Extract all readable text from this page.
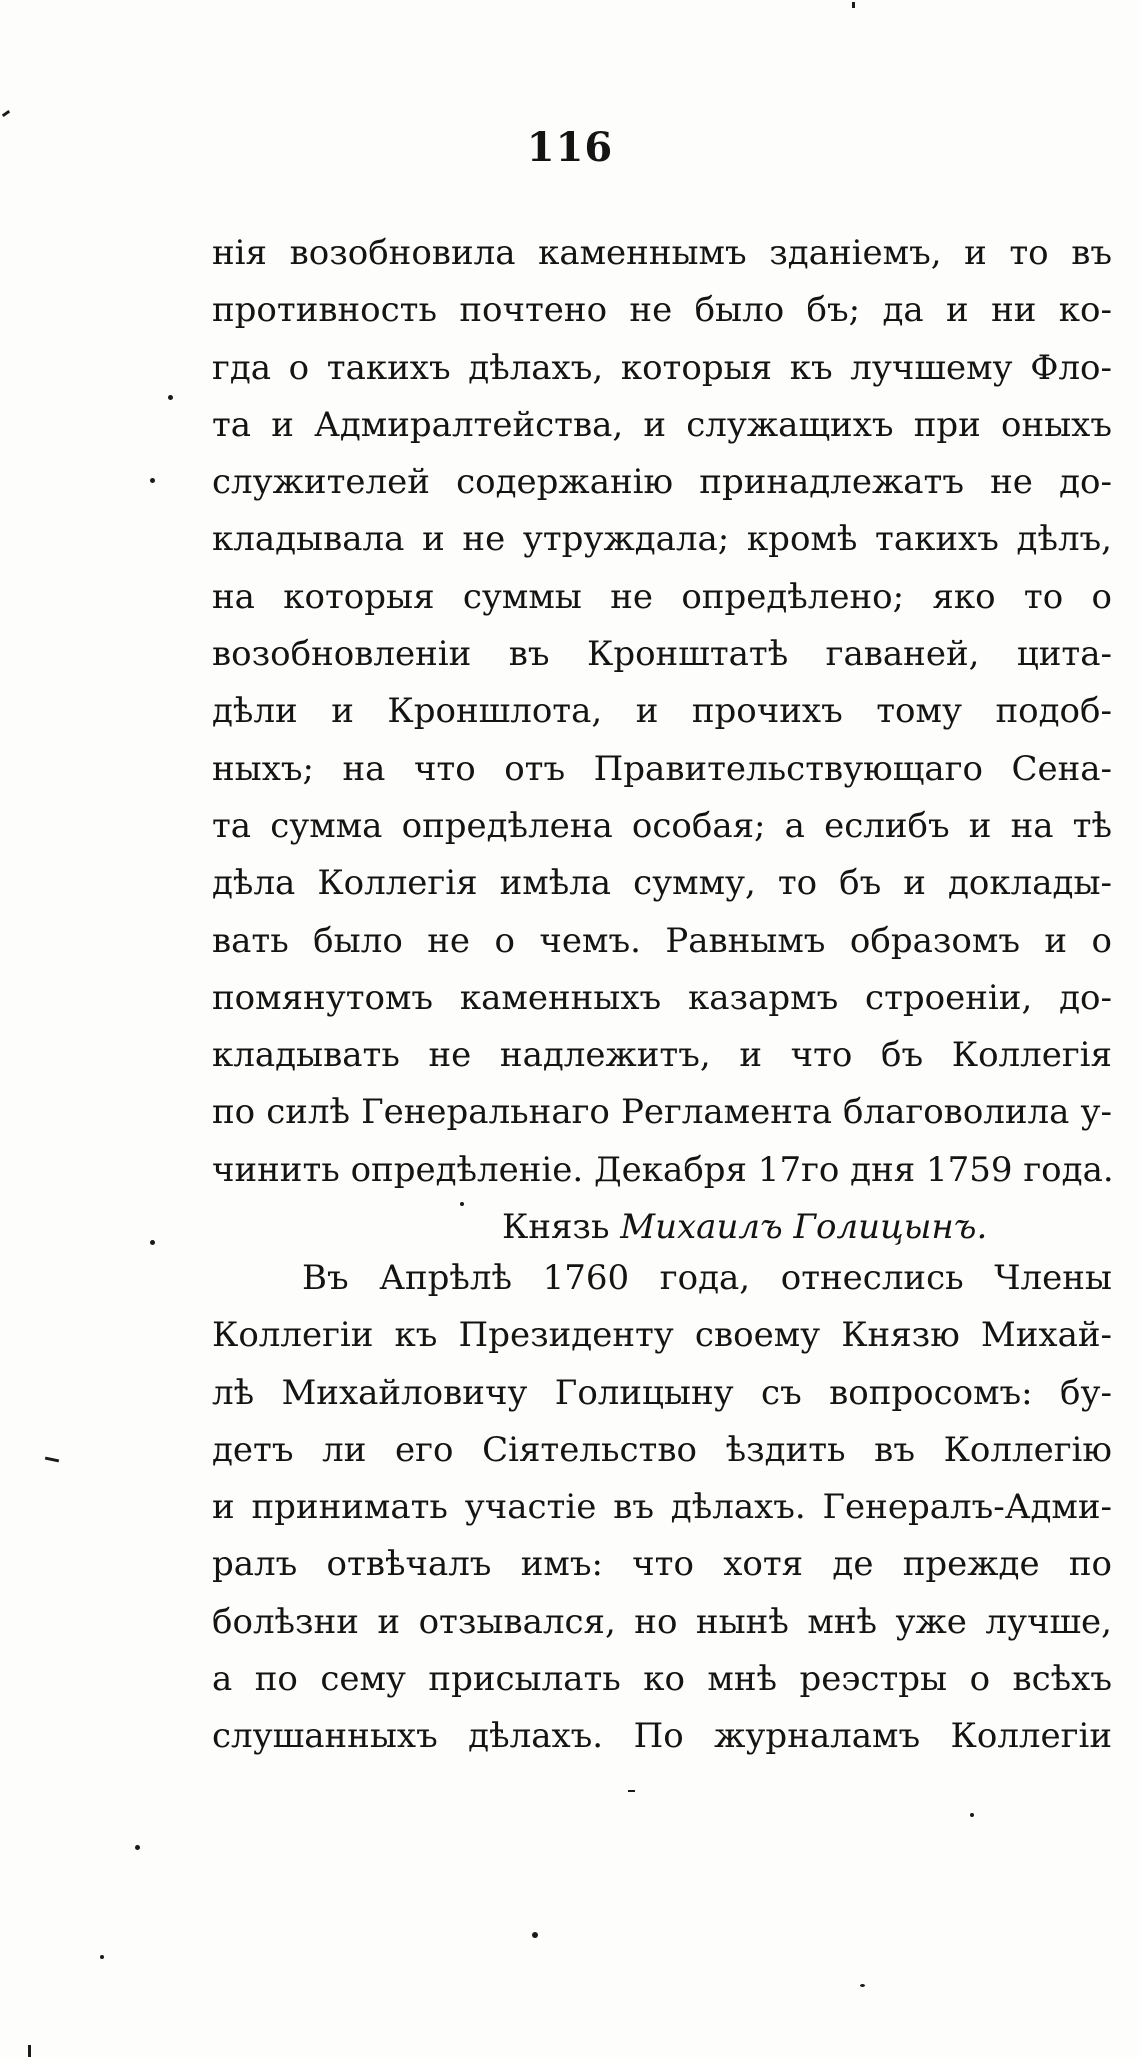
116
нія возобновила каменнымъ зданіемъ, и то въ
противность почтено не было бъ; да и ни ко-
гда о такихъ дѣлахъ, которыя къ лучшему Фло-
та и Адмиралтейства, и служащихъ при оныхъ
служителей содержанію принадлежатъ не до-
кладывала и не утруждала; кромѣ такихъ дѣлъ,
на которыя суммы не опредѣлено; яко то о
возобновленіи въ Кронштатѣ гаваней, цита-
дѣли и Кроншлота, и прочихъ тому подоб-
ныхъ; на что отъ Правительствующаго Сена-
та сумма опредѣлена особая; а еслибъ и на тѣ
дѣла Коллегія имѣла сумму, то бъ и доклады-
вать было не о чемъ. Равнымъ образомъ и о
помянутомъ каменныхъ казармъ строеніи, до-
кладывать не надлежитъ, и что бъ Коллегія
по силѣ Генеральнаго Регламента благоволила у-
чинить опредѣленіе. Декабря 17го дня 1759 года.
Князь Михаилъ Голицынъ.
Въ Апрѣлѣ 1760 года, отнеслись Члены
Коллегіи къ Президенту своему Князю Михай-
лѣ Михайловичу Голицыну съ вопросомъ: бу-
детъ ли его Сіятельство ѣздить въ Коллегію
и принимать участіе въ дѣлахъ. Генералъ-Адми-
ралъ отвѣчалъ имъ: что хотя де прежде по
болѣзни и отзывался, но нынѣ мнѣ уже лучше,
а по сему присылать ко мнѣ реэстры о всѣхъ
слушанныхъ дѣлахъ. По журналамъ Коллегіи
